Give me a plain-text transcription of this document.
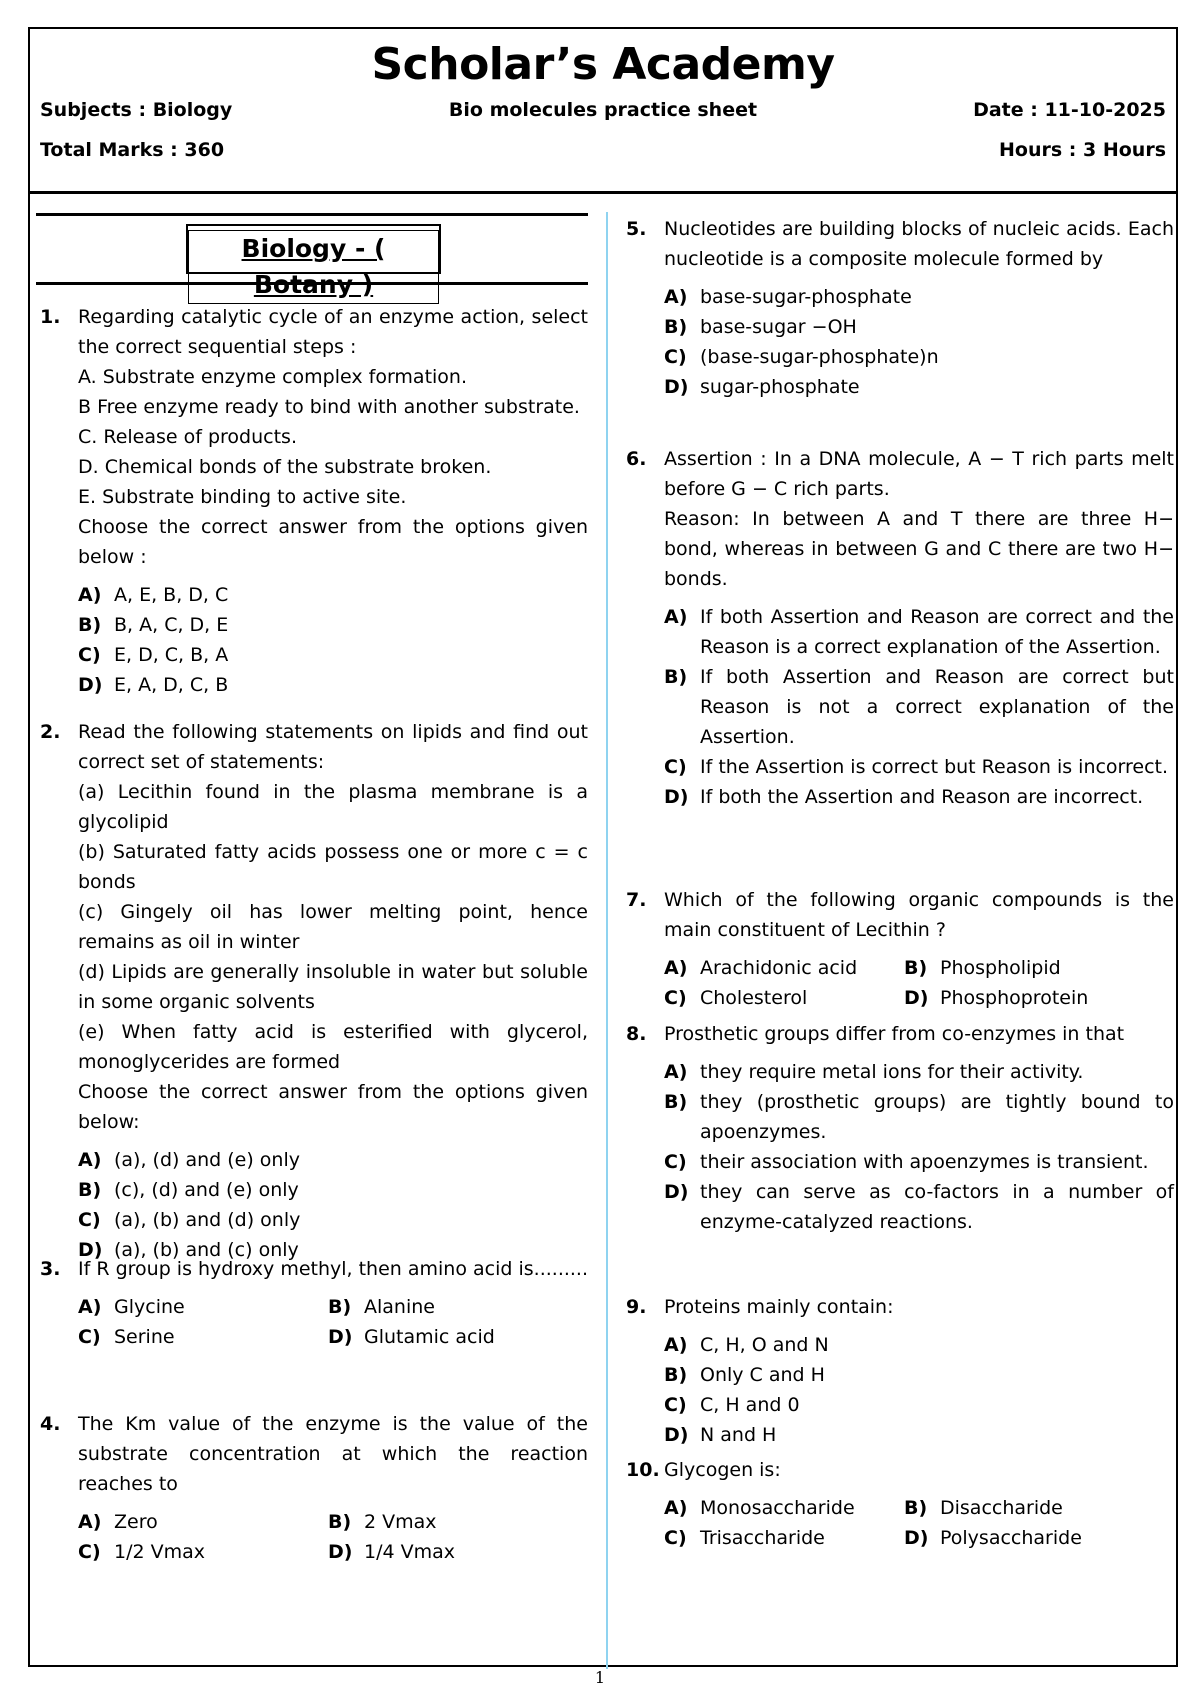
Scholar’s Academy
Subjects : Biology	Bio molecules practice sheet	Date : 11-10-2025
Total Marks : 360	Hours : 3 Hours
Biology - ( Botany )
1. Regarding catalytic cycle of an enzyme action, select the correct sequential steps :

A. Substrate enzyme complex formation.

B Free enzyme ready to bind with another substrate.

C. Release of products.

D. Chemical bonds of the substrate broken.

E. Substrate binding to active site.

Choose the correct answer from the options given below :

A) A, E, B, D, C
B) B, A, C, D, E
C) E, D, C, B, A
D) E, A, D, C, B
2. Read the following statements on lipids and find out correct set of statements:

(a) Lecithin found in the plasma membrane is a glycolipid

(b) Saturated fatty acids possess one or more c = c bonds

(c) Gingely oil has lower melting point, hence remains as oil in winter

(d) Lipids are generally insoluble in water but soluble in some organic solvents

(e) When fatty acid is esterified with glycerol, monoglycerides are formed

Choose the correct answer from the options given below:

A) (a), (d) and (e) only
B) (c), (d) and (e) only
C) (a), (b) and (d) only
D) (a), (b) and (c) only
3. If R group is hydroxy methyl, then amino acid is.........

A) Glycine	B) Alanine
C) Serine	D) Glutamic acid
4. The Km value of the enzyme is the value of the substrate concentration at which the reaction reaches to

A) Zero	B) 2 Vmax
C) 1/2 Vmax	D) 1/4 Vmax
5. Nucleotides are building blocks of nucleic acids. Each nucleotide is a composite molecule formed by

A) base-sugar-phosphate
B) base-sugar −OH
C) (base-sugar-phosphate)n
D) sugar-phosphate
6. Assertion : In a DNA molecule, A − T rich parts melt before G − C rich parts.

Reason: In between A and T there are three H− bond, whereas in between G and C there are two H− bonds.

A) If both Assertion and Reason are correct and the Reason is a correct explanation of the Assertion.
B) If both Assertion and Reason are correct but Reason is not a correct explanation of the Assertion.
C) If the Assertion is correct but Reason is incorrect.
D) If both the Assertion and Reason are incorrect.
7. Which of the following organic compounds is the main constituent of Lecithin ?

A) Arachidonic acid B) Phospholipid
C) Cholesterol	D) Phosphoprotein
8. Prosthetic groups differ from co-enzymes in that

A) they require metal ions for their activity.
B) they (prosthetic groups) are tightly bound to apoenzymes.
C) their association with apoenzymes is transient.
D) they can serve as co-factors in a number of enzyme-catalyzed reactions.
9. Proteins mainly contain:

A) C, H, O and N
B) Only C and H
C) C, H and 0
D) N and H
10. Glycogen is:

A) Monosaccharide	B) Disaccharide
C) Trisaccharide	D) Polysaccharide
1
